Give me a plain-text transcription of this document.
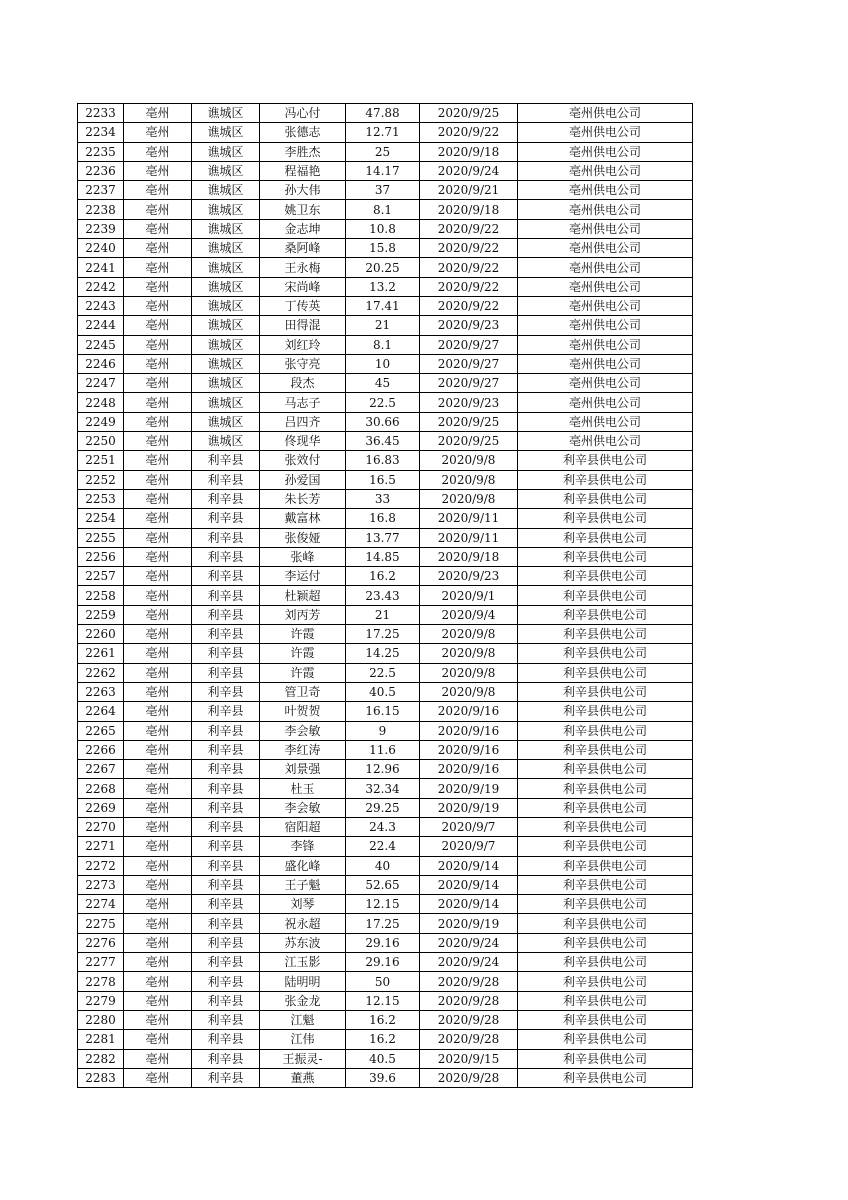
2233	亳州	谯城区	冯心付	47.88	2020/9/25	亳州供电公司
2234	亳州	谯城区	张德志	12.71	2020/9/22	亳州供电公司
2235	亳州	谯城区	李胜杰	25	2020/9/18	亳州供电公司
2236	亳州	谯城区	程福艳	14.17	2020/9/24	亳州供电公司
2237	亳州	谯城区	孙大伟	37	2020/9/21	亳州供电公司
2238	亳州	谯城区	姚卫东	8.1	2020/9/18	亳州供电公司
2239	亳州	谯城区	金志坤	10.8	2020/9/22	亳州供电公司
2240	亳州	谯城区	桑阿峰	15.8	2020/9/22	亳州供电公司
2241	亳州	谯城区	王永梅	20.25	2020/9/22	亳州供电公司
2242	亳州	谯城区	宋尚峰	13.2	2020/9/22	亳州供电公司
2243	亳州	谯城区	丁传英	17.41	2020/9/22	亳州供电公司
2244	亳州	谯城区	田得混	21	2020/9/23	亳州供电公司
2245	亳州	谯城区	刘红玲	8.1	2020/9/27	亳州供电公司
2246	亳州	谯城区	张守亮	10	2020/9/27	亳州供电公司
2247	亳州	谯城区	段杰	45	2020/9/27	亳州供电公司
2248	亳州	谯城区	马志子	22.5	2020/9/23	亳州供电公司
2249	亳州	谯城区	吕四齐	30.66	2020/9/25	亳州供电公司
2250	亳州	谯城区	佟现华	36.45	2020/9/25	亳州供电公司
2251	亳州	利辛县	张效付	16.83	2020/9/8	利辛县供电公司
2252	亳州	利辛县	孙爱国	16.5	2020/9/8	利辛县供电公司
2253	亳州	利辛县	朱长芳	33	2020/9/8	利辛县供电公司
2254	亳州	利辛县	戴富林	16.8	2020/9/11	利辛县供电公司
2255	亳州	利辛县	张俊娅	13.77	2020/9/11	利辛县供电公司
2256	亳州	利辛县	张峰	14.85	2020/9/18	利辛县供电公司
2257	亳州	利辛县	李运付	16.2	2020/9/23	利辛县供电公司
2258	亳州	利辛县	杜颖超	23.43	2020/9/1	利辛县供电公司
2259	亳州	利辛县	刘丙芳	21	2020/9/4	利辛县供电公司
2260	亳州	利辛县	许霞	17.25	2020/9/8	利辛县供电公司
2261	亳州	利辛县	许霞	14.25	2020/9/8	利辛县供电公司
2262	亳州	利辛县	许霞	22.5	2020/9/8	利辛县供电公司
2263	亳州	利辛县	管卫奇	40.5	2020/9/8	利辛县供电公司
2264	亳州	利辛县	叶贺贺	16.15	2020/9/16	利辛县供电公司
2265	亳州	利辛县	李会敏	9	2020/9/16	利辛县供电公司
2266	亳州	利辛县	李红涛	11.6	2020/9/16	利辛县供电公司
2267	亳州	利辛县	刘景强	12.96	2020/9/16	利辛县供电公司
2268	亳州	利辛县	杜玉	32.34	2020/9/19	利辛县供电公司
2269	亳州	利辛县	李会敏	29.25	2020/9/19	利辛县供电公司
2270	亳州	利辛县	宿阳超	24.3	2020/9/7	利辛县供电公司
2271	亳州	利辛县	李锋	22.4	2020/9/7	利辛县供电公司
2272	亳州	利辛县	盛化峰	40	2020/9/14	利辛县供电公司
2273	亳州	利辛县	王子魁	52.65	2020/9/14	利辛县供电公司
2274	亳州	利辛县	刘琴	12.15	2020/9/14	利辛县供电公司
2275	亳州	利辛县	祝永超	17.25	2020/9/19	利辛县供电公司
2276	亳州	利辛县	苏东波	29.16	2020/9/24	利辛县供电公司
2277	亳州	利辛县	江玉影	29.16	2020/9/24	利辛县供电公司
2278	亳州	利辛县	陆明明	50	2020/9/28	利辛县供电公司
2279	亳州	利辛县	张金龙	12.15	2020/9/28	利辛县供电公司
2280	亳州	利辛县	江魁	16.2	2020/9/28	利辛县供电公司
2281	亳州	利辛县	江伟	16.2	2020/9/28	利辛县供电公司
2282	亳州	利辛县	王振灵-	40.5	2020/9/15	利辛县供电公司
2283	亳州	利辛县	董燕	39.6	2020/9/28	利辛县供电公司
